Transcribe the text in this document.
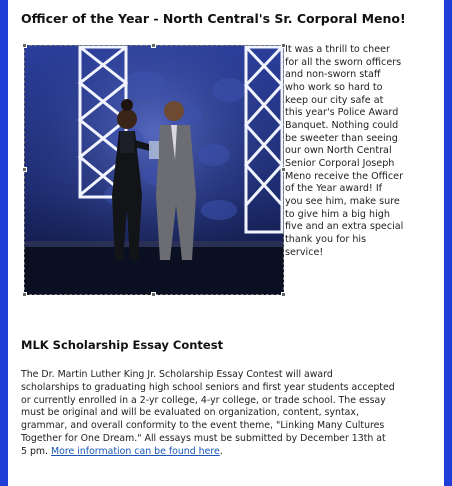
Officer of the Year - North Central's Sr. Corporal Meno!
It was a thrill to cheer
for all the sworn officers
and non-sworn staff
who work so hard to
keep our city safe at
this year's Police Award
Banquet. Nothing could
be sweeter than seeing
our own North Central
Senior Corporal Joseph
Meno receive the Officer
of the Year award! If
you see him, make sure
to give him a big high
five and an extra special
thank you for his
service!
MLK Scholarship Essay Contest
The Dr. Martin Luther King Jr. Scholarship Essay Contest will award
scholarships to graduating high school seniors and first year students accepted
or currently enrolled in a 2-yr college, 4-yr college, or trade school. The essay
must be original and will be evaluated on organization, content, syntax,
grammar, and overall conformity to the event theme, "Linking Many Cultures
Together for One Dream." All essays must be submitted by December 13th at
5 pm. More information can be found here.
